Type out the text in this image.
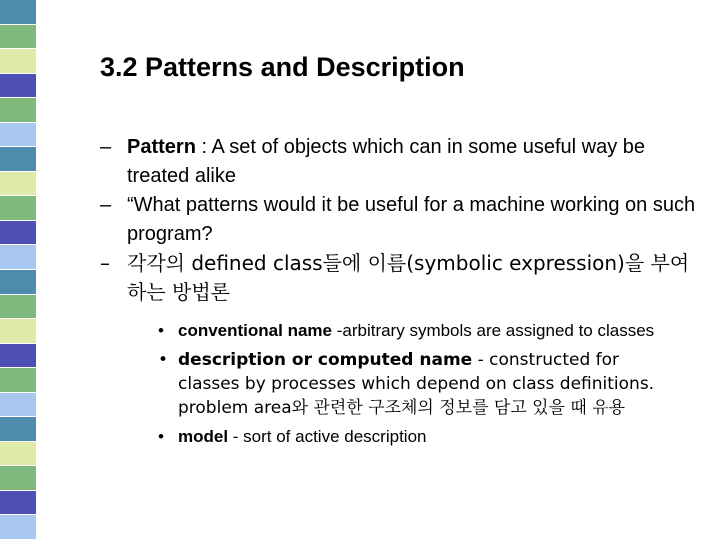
3.2 Patterns and Description
– Pattern : A set of objects which can in some useful way be treated alike
– “What patterns would it be useful for a machine working on such program?
– 각각의 defined class들에 이름(symbolic expression)을 부여하는 방법론
• conventional name -arbitrary symbols are assigned to classes
• description or computed name - constructed for classes by processes which depend on class definitions. problem area와 관련한 구조체의 정보를 담고 있을 때 유용
• model - sort of active description
